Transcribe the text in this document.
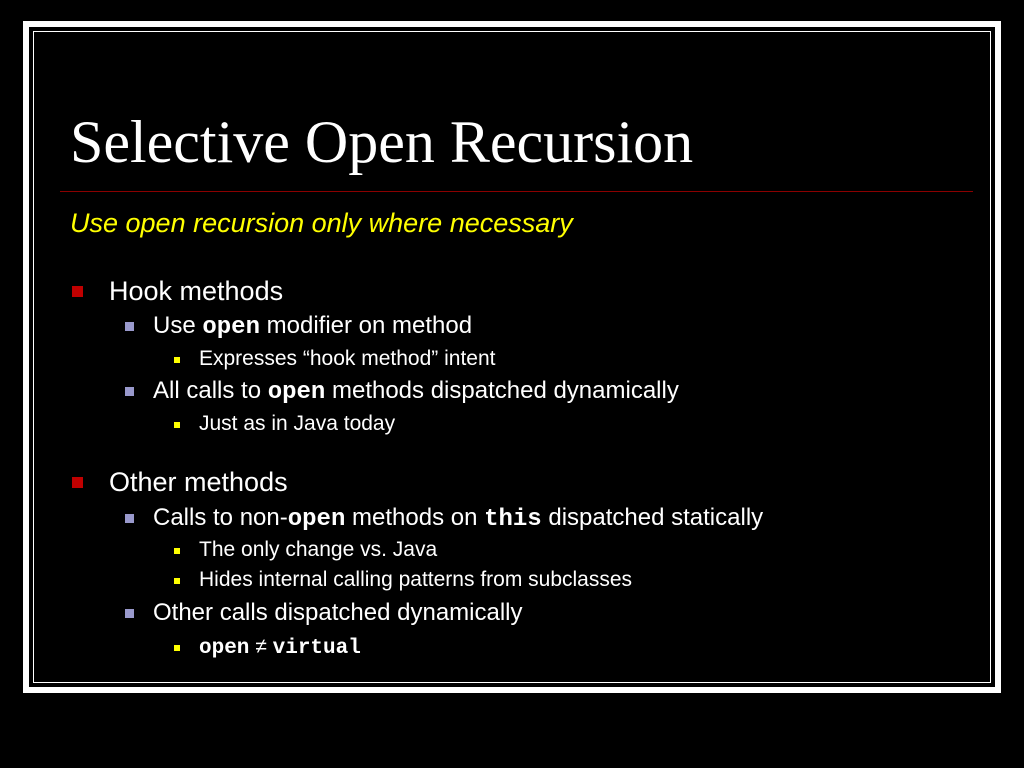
Selective Open Recursion
Use open recursion only where necessary
Hook methods
Use open modifier on method
Expresses “hook method” intent
All calls to open methods dispatched dynamically
Just as in Java today
Other methods
Calls to non-open methods on this dispatched statically
The only change vs. Java
Hides internal calling patterns from subclasses
Other calls dispatched dynamically
open ≠ virtual
